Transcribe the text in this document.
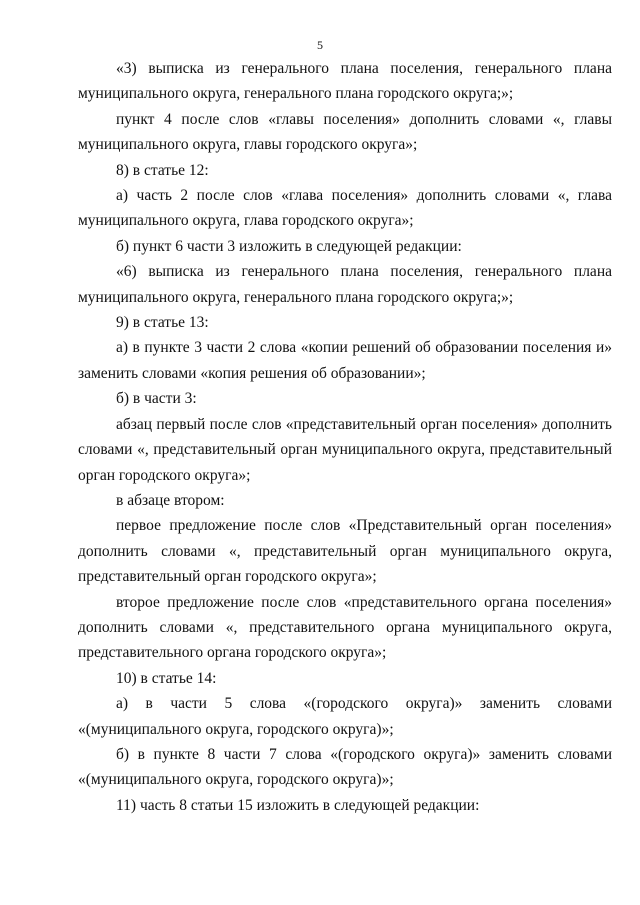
5

«3) выписка из генерального плана поселения, генерального плана муниципального округа, генерального плана городского округа;»;

пункт 4 после слов «главы поселения» дополнить словами «, главы муниципального округа, главы городского округа»;

8) в статье 12:

а) часть 2 после слов «глава поселения» дополнить словами «, глава муниципального округа, глава городского округа»;

б) пункт 6 части 3 изложить в следующей редакции:

«6) выписка из генерального плана поселения, генерального плана муниципального округа, генерального плана городского округа;»;

9) в статье 13:

а) в пункте 3 части 2 слова «копии решений об образовании поселения и» заменить словами «копия решения об образовании»;

б) в части 3:

абзац первый после слов «представительный орган поселения» дополнить словами «, представительный орган муниципального округа, представительный орган городского округа»;

в абзаце втором:

первое предложение после слов «Представительный орган поселения» дополнить словами «, представительный орган муниципального округа, представительный орган городского округа»;

второе предложение после слов «представительного органа поселения» дополнить словами «, представительного органа муниципального округа, представительного органа городского округа»;

10) в статье 14:

а) в части 5 слова «(городского округа)» заменить словами «(муниципального округа, городского округа)»;

б) в пункте 8 части 7 слова «(городского округа)» заменить словами «(муниципального округа, городского округа)»;

11) часть 8 статьи 15 изложить в следующей редакции:
